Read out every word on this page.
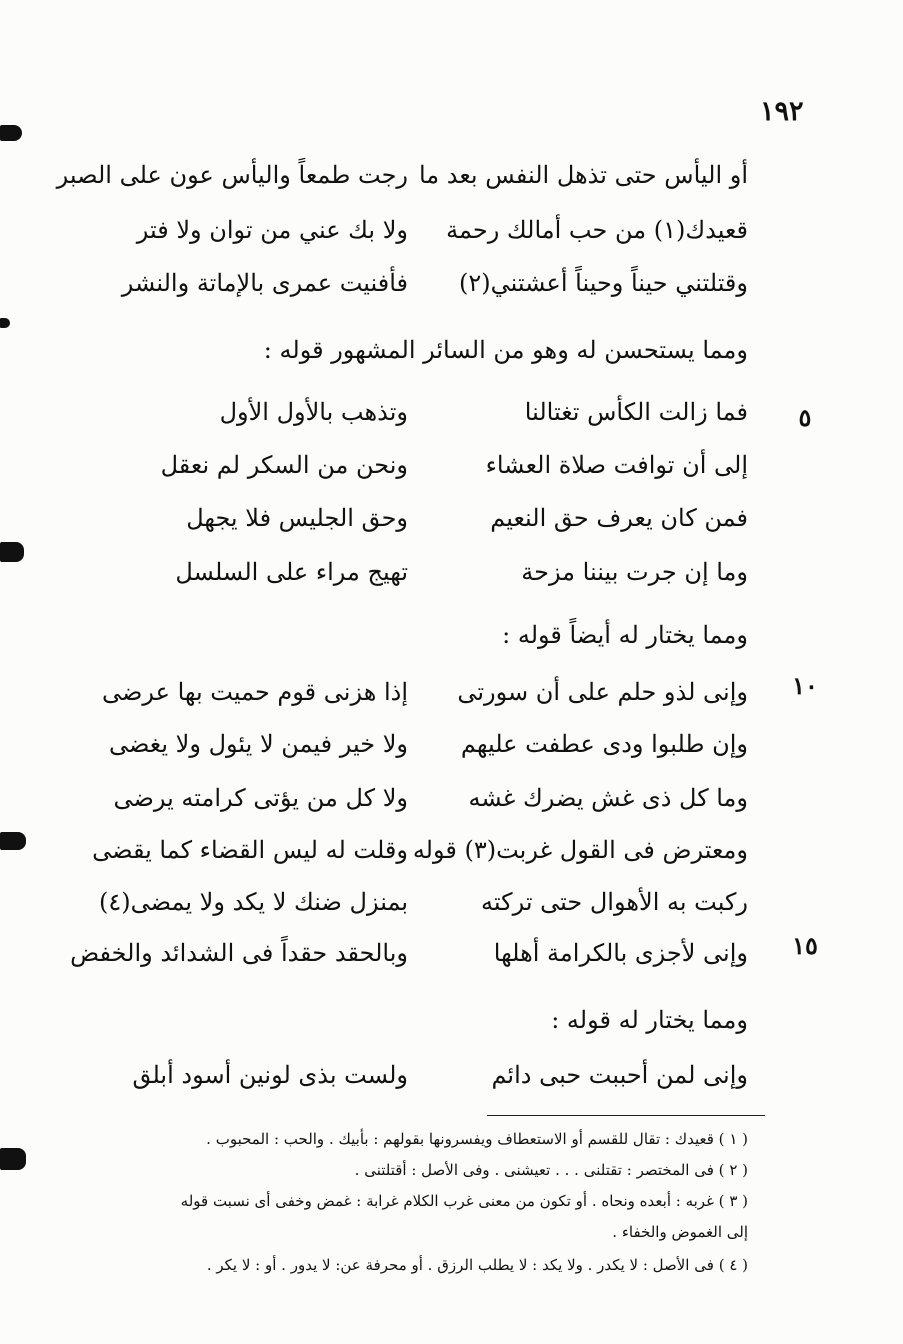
١٩٢
أو اليأس حتى تذهل النفس بعد ما
رجت طمعاً واليأس عون على الصبر
قعيدك(١) من حب أمالك رحمة
ولا بك عني من توان ولا فتر
وقتلتني حيناً وحيناً أعشتني(٢)
فأفنيت عمرى بالإماتة والنشر
ومما يستحسن له وهو من السائر المشهور قوله :
٥
فما زالت الكأس تغتالنا
وتذهب بالأول الأول
إلى أن توافت صلاة العشاء
ونحن من السكر لم نعقل
فمن كان يعرف حق النعيم
وحق الجليس فلا يجهل
وما إن جرت بيننا مزحة
تهيج مراء على السلسل
ومما يختار له أيضاً قوله :
١٠
وإنى لذو حلم على أن سورتى
إذا هزنى قوم حميت بها عرضى
وإن طلبوا ودى عطفت عليهم
ولا خير فيمن لا يئول ولا يغضى
وما كل ذى غش يضرك غشه
ولا كل من يؤتى كرامته يرضى
ومعترض فى القول غربت(٣) قوله
وقلت له ليس القضاء كما يقضى
ركبت به الأهوال حتى تركته
بمنزل ضنك لا يكد ولا يمضى(٤)
١٥
وإنى لأجزى بالكرامة أهلها
وبالحقد حقداً فى الشدائد والخفض
ومما يختار له قوله :
وإنى لمن أحببت حبى دائم
ولست بذى لونين أسود أبلق
( ١ ) قعيدك : تقال للقسم أو الاستعطاف ويفسرونها بقولهم : بأبيك . والحب : المحبوب .
( ٢ ) فى المختصر : تقتلنى . . . تعيشنى . وفى الأصل : أقتلتنى .
( ٣ ) غربه : أبعده ونحاه . أو تكون من معنى غرب الكلام غرابة : غمض وخفى أى نسبت قوله
إلى الغموض والخفاء .
( ٤ ) فى الأصل : لا يكدر . ولا يكد : لا يطلب الرزق . أو محرفة عن: لا يدور . أو : لا يكر .
